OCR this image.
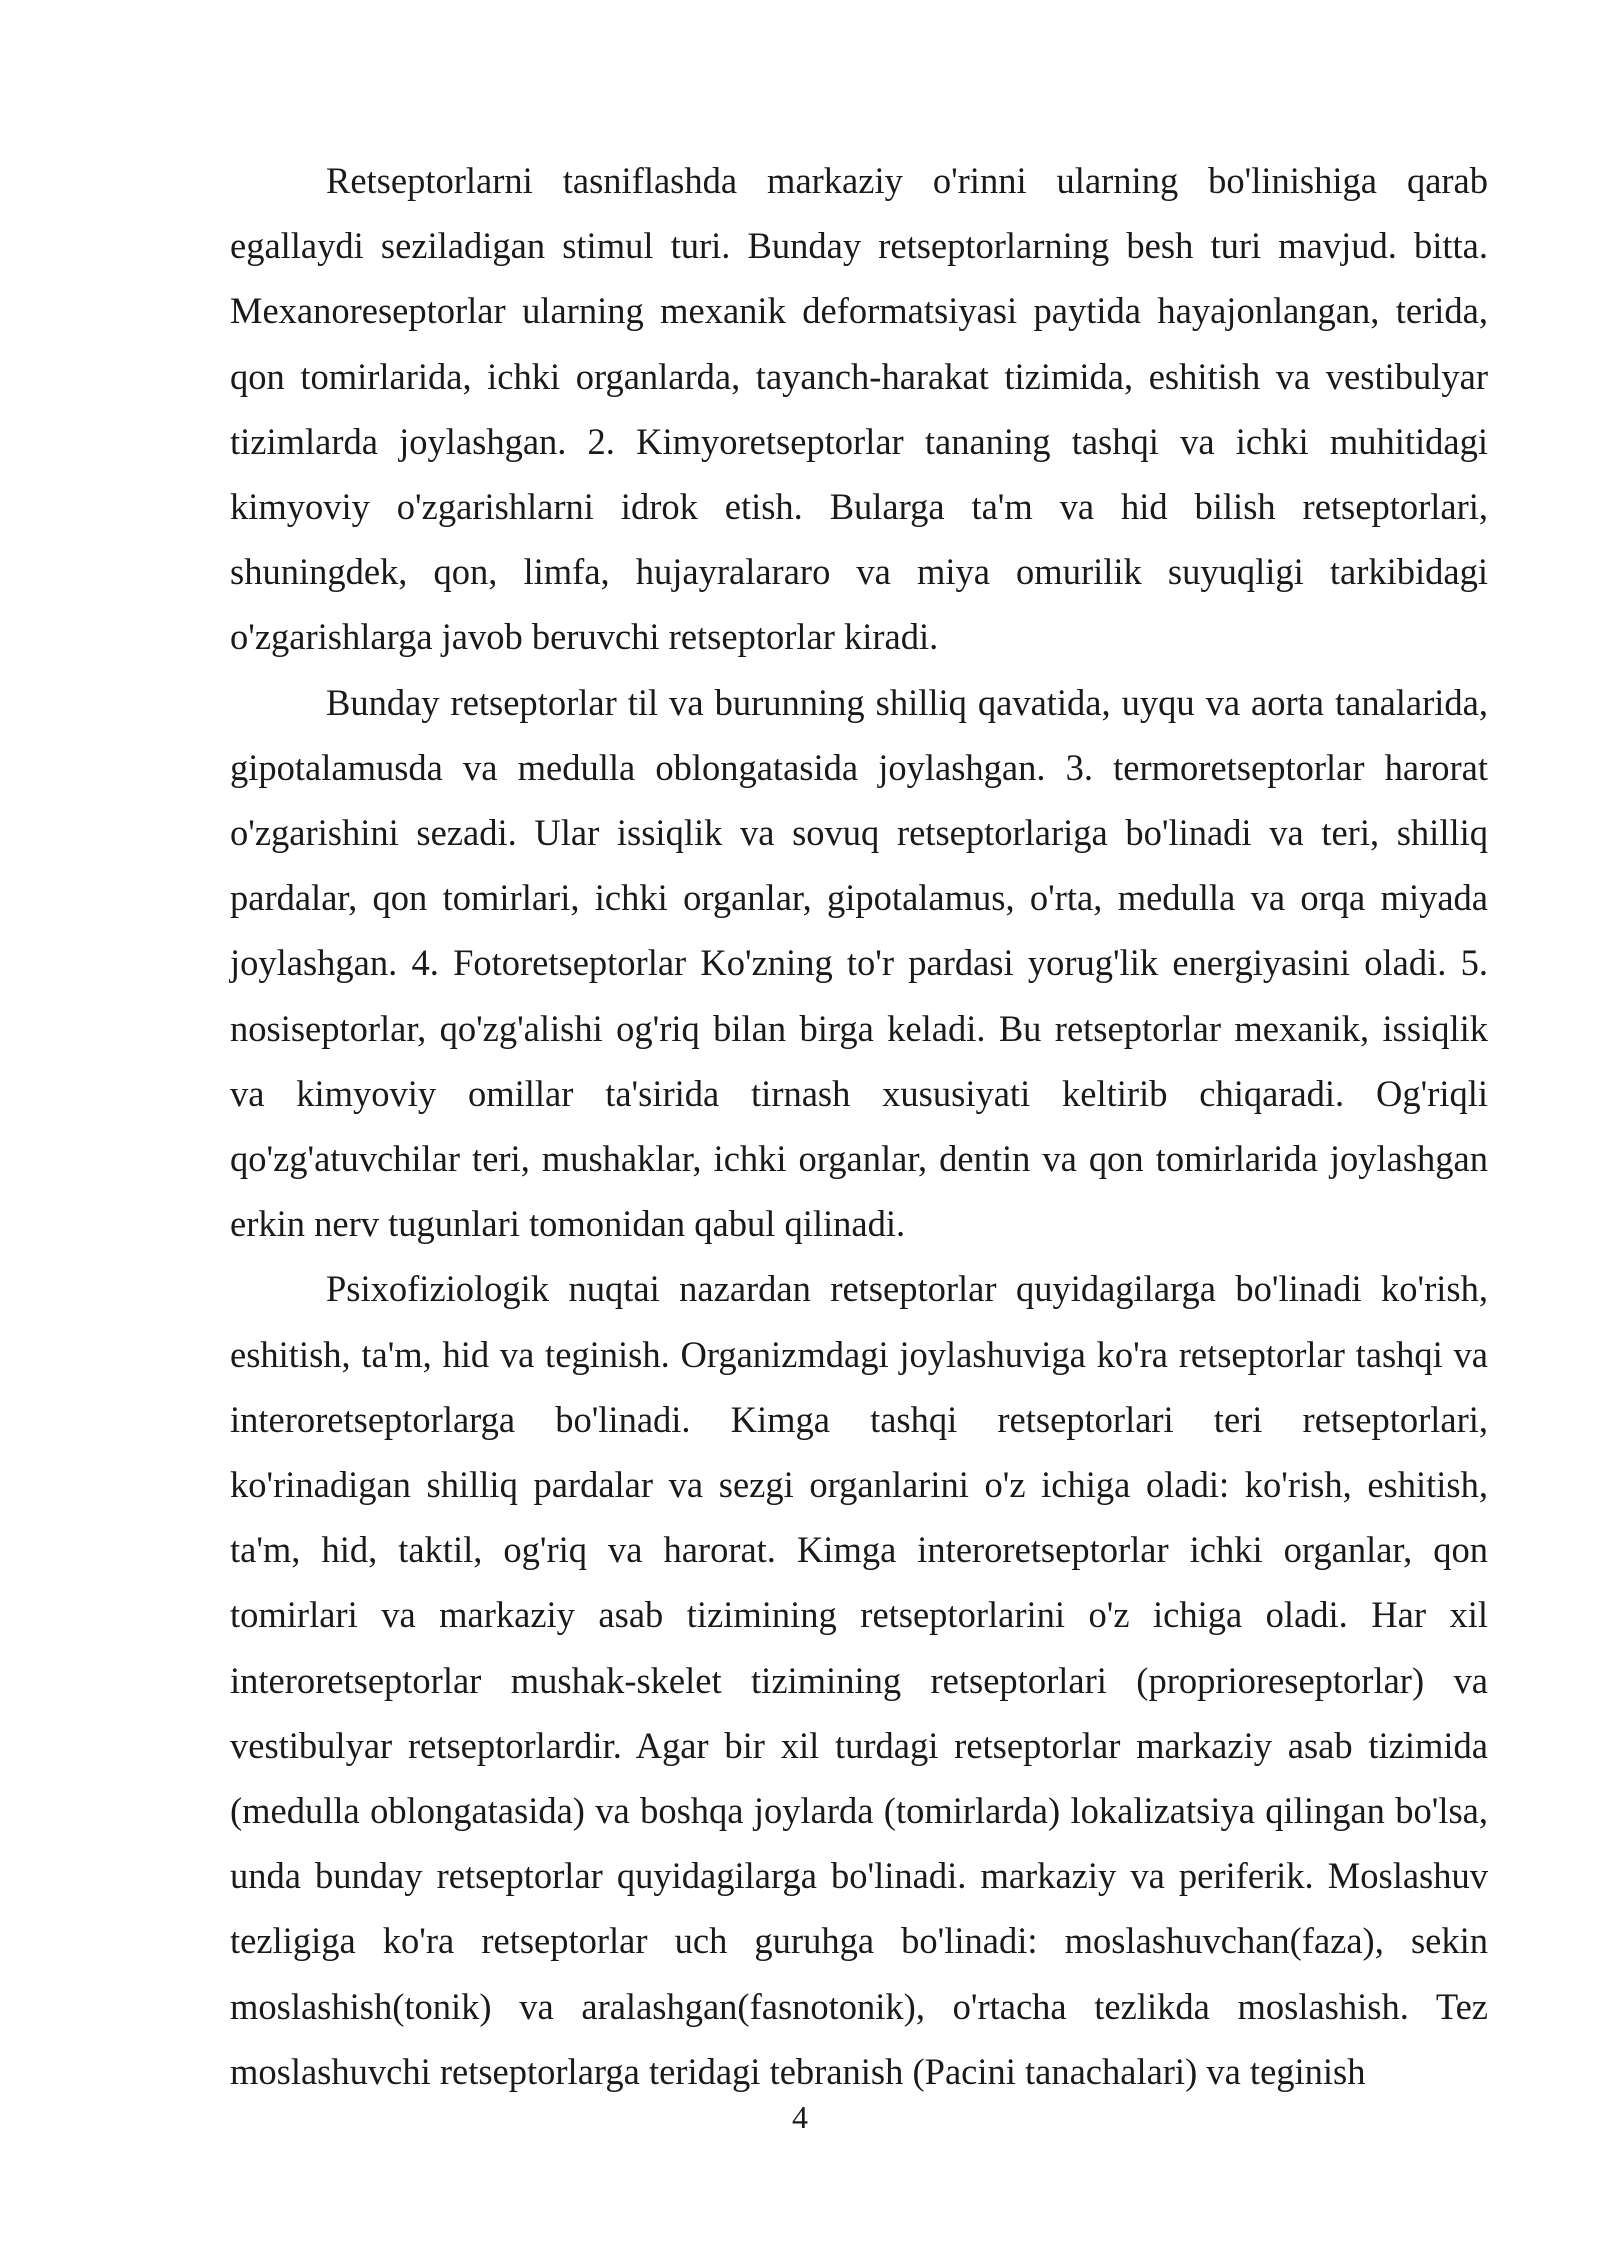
Retseptorlarni tasniflashda markaziy o'rinni ularning bo'linishiga qarab egallaydi seziladigan stimul turi. Bunday retseptorlarning besh turi mavjud. bitta. Mexanoreseptorlar ularning mexanik deformatsiyasi paytida hayajonlangan, terida, qon tomirlarida, ichki organlarda, tayanch-harakat tizimida, eshitish va vestibulyar tizimlarda joylashgan. 2. Kimyoretseptorlar tananing tashqi va ichki muhitidagi kimyoviy o'zgarishlarni idrok etish. Bularga ta'm va hid bilish retseptorlari, shuningdek, qon, limfa, hujayralararo va miya omurilik suyuqligi tarkibidagi o'zgarishlarga javob beruvchi retseptorlar kiradi.

Bunday retseptorlar til va burunning shilliq qavatida, uyqu va aorta tanalarida, gipotalamusda va medulla oblongatasida joylashgan. 3. termoretseptorlar harorat o'zgarishini sezadi. Ular issiqlik va sovuq retseptorlariga bo'linadi va teri, shilliq pardalar, qon tomirlari, ichki organlar, gipotalamus, o'rta, medulla va orqa miyada joylashgan. 4. Fotoretseptorlar Ko'zning to'r pardasi yorug'lik energiyasini oladi. 5. nosiseptorlar, qo'zg'alishi og'riq bilan birga keladi. Bu retseptorlar mexanik, issiqlik va kimyoviy omillar ta'sirida tirnash xususiyati keltirib chiqaradi. Og'riqli qo'zg'atuvchilar teri, mushaklar, ichki organlar, dentin va qon tomirlarida joylashgan erkin nerv tugunlari tomonidan qabul qilinadi.

Psixofiziologik nuqtai nazardan retseptorlar quyidagilarga bo'linadi ko'rish, eshitish, ta'm, hid va teginish. Organizmdagi joylashuviga ko'ra retseptorlar tashqi va interoretseptorlarga bo'linadi. Kimga tashqi retseptorlari teri retseptorlari, ko'rinadigan shilliq pardalar va sezgi organlarini o'z ichiga oladi: ko'rish, eshitish, ta'm, hid, taktil, og'riq va harorat. Kimga interoretseptorlar ichki organlar, qon tomirlari va markaziy asab tizimining retseptorlarini o'z ichiga oladi. Har xil interoretseptorlar mushak-skelet tizimining retseptorlari (proprioreseptorlar) va vestibulyar retseptorlardir. Agar bir xil turdagi retseptorlar markaziy asab tizimida (medulla oblongatasida) va boshqa joylarda (tomirlarda) lokalizatsiya qilingan bo'lsa, unda bunday retseptorlar quyidagilarga bo'linadi. markaziy va periferik. Moslashuv tezligiga ko'ra retseptorlar uch guruhga bo'linadi: moslashuvchan(faza), sekin moslashish(tonik) va aralashgan(fasnotonik), o'rtacha tezlikda moslashish. Tez moslashuvchi retseptorlarga teridagi tebranish (Pacini tanachalari) va teginish

4
